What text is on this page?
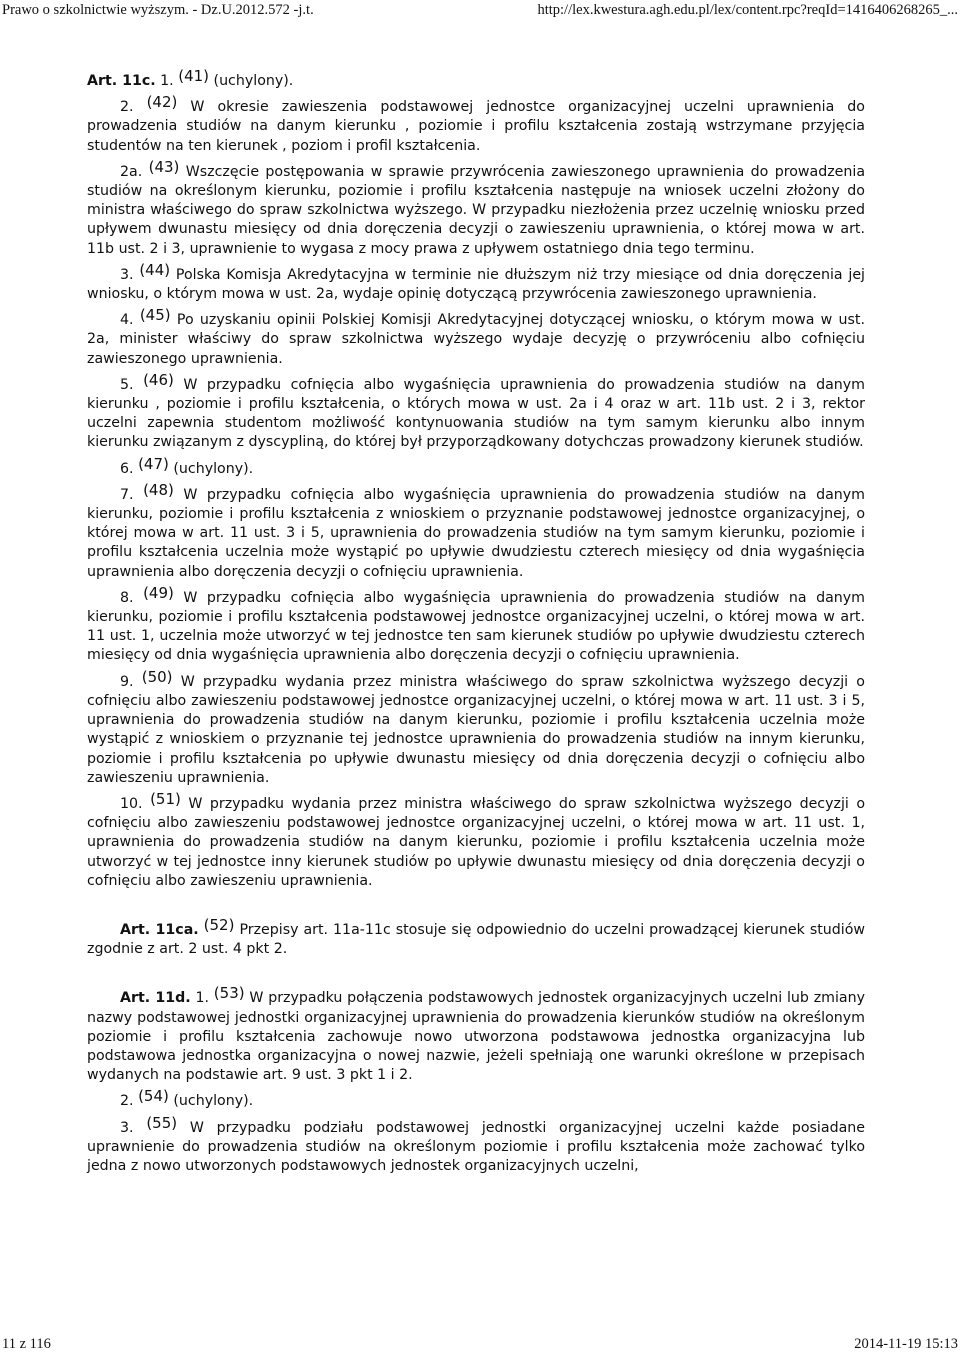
Prawo o szkolnictwie wyższym. - Dz.U.2012.572 -j.t.	http://lex.kwestura.agh.edu.pl/lex/content.rpc?reqId=1416406268265_...

Art. 11c. 1. $^{(41)}$ (uchylony).

2. $^{(42)}$ W okresie zawieszenia podstawowej jednostce organizacyjnej uczelni uprawnienia do prowadzenia studiów na danym kierunku , poziomie i profilu kształcenia zostają wstrzymane przyjęcia studentów na ten kierunek , poziom i profil kształcenia.

2a. $^{(43)}$ Wszczęcie postępowania w sprawie przywrócenia zawieszonego uprawnienia do prowadzenia studiów na określonym kierunku, poziomie i profilu kształcenia następuje na wniosek uczelni złożony do ministra właściwego do spraw szkolnictwa wyższego. W przypadku niezłożenia przez uczelnię wniosku przed upływem dwunastu miesięcy od dnia doręczenia decyzji o zawieszeniu uprawnienia, o której mowa w art. 11b ust. 2 i 3, uprawnienie to wygasa z mocy prawa z upływem ostatniego dnia tego terminu.

3. $^{(44)}$ Polska Komisja Akredytacyjna w terminie nie dłuższym niż trzy miesiące od dnia doręczenia jej wniosku, o którym mowa w ust. 2a, wydaje opinię dotyczącą przywrócenia zawieszonego uprawnienia.

4. $^{(45)}$ Po uzyskaniu opinii Polskiej Komisji Akredytacyjnej dotyczącej wniosku, o którym mowa w ust. 2a, minister właściwy do spraw szkolnictwa wyższego wydaje decyzję o przywróceniu albo cofnięciu zawieszonego uprawnienia.

5. $^{(46)}$ W przypadku cofnięcia albo wygaśnięcia uprawnienia do prowadzenia studiów na danym kierunku , poziomie i profilu kształcenia, o których mowa w ust. 2a i 4 oraz w art. 11b ust. 2 i 3, rektor uczelni zapewnia studentom możliwość kontynuowania studiów na tym samym kierunku albo innym kierunku związanym z dyscypliną, do której był przyporządkowany dotychczas prowadzony kierunek studiów.

6. $^{(47)}$ (uchylony).

7. $^{(48)}$ W przypadku cofnięcia albo wygaśnięcia uprawnienia do prowadzenia studiów na danym kierunku, poziomie i profilu kształcenia z wnioskiem o przyznanie podstawowej jednostce organizacyjnej, o której mowa w art. 11 ust. 3 i 5, uprawnienia do prowadzenia studiów na tym samym kierunku, poziomie i profilu kształcenia uczelnia może wystąpić po upływie dwudziestu czterech miesięcy od dnia wygaśnięcia uprawnienia albo doręczenia decyzji o cofnięciu uprawnienia.

8. $^{(49)}$ W przypadku cofnięcia albo wygaśnięcia uprawnienia do prowadzenia studiów na danym kierunku, poziomie i profilu kształcenia podstawowej jednostce organizacyjnej uczelni, o której mowa w art. 11 ust. 1, uczelnia może utworzyć w tej jednostce ten sam kierunek studiów po upływie dwudziestu czterech miesięcy od dnia wygaśnięcia uprawnienia albo doręczenia decyzji o cofnięciu uprawnienia.

9. $^{(50)}$ W przypadku wydania przez ministra właściwego do spraw szkolnictwa wyższego decyzji o cofnięciu albo zawieszeniu podstawowej jednostce organizacyjnej uczelni, o której mowa w art. 11 ust. 3 i 5, uprawnienia do prowadzenia studiów na danym kierunku, poziomie i profilu kształcenia uczelnia może wystąpić z wnioskiem o przyznanie tej jednostce uprawnienia do prowadzenia studiów na innym kierunku, poziomie i profilu kształcenia po upływie dwunastu miesięcy od dnia doręczenia decyzji o cofnięciu albo zawieszeniu uprawnienia.

10. $^{(51)}$ W przypadku wydania przez ministra właściwego do spraw szkolnictwa wyższego decyzji o cofnięciu albo zawieszeniu podstawowej jednostce organizacyjnej uczelni, o której mowa w art. 11 ust. 1, uprawnienia do prowadzenia studiów na danym kierunku, poziomie i profilu kształcenia uczelnia może utworzyć w tej jednostce inny kierunek studiów po upływie dwunastu miesięcy od dnia doręczenia decyzji o cofnięciu albo zawieszeniu uprawnienia.

Art. 11ca. $^{(52)}$ Przepisy art. 11a-11c stosuje się odpowiednio do uczelni prowadzącej kierunek studiów zgodnie z art. 2 ust. 4 pkt 2.

Art. 11d. 1. $^{(53)}$ W przypadku połączenia podstawowych jednostek organizacyjnych uczelni lub zmiany nazwy podstawowej jednostki organizacyjnej uprawnienia do prowadzenia kierunków studiów na określonym poziomie i profilu kształcenia zachowuje nowo utworzona podstawowa jednostka organizacyjna lub podstawowa jednostka organizacyjna o nowej nazwie, jeżeli spełniają one warunki określone w przepisach wydanych na podstawie art. 9 ust. 3 pkt 1 i 2.

2. $^{(54)}$ (uchylony).

3. $^{(55)}$ W przypadku podziału podstawowej jednostki organizacyjnej uczelni każde posiadane uprawnienie do prowadzenia studiów na określonym poziomie i profilu kształcenia może zachować tylko jedna z nowo utworzonych podstawowych jednostek organizacyjnych uczelni,

11 z 116	2014-11-19 15:13
